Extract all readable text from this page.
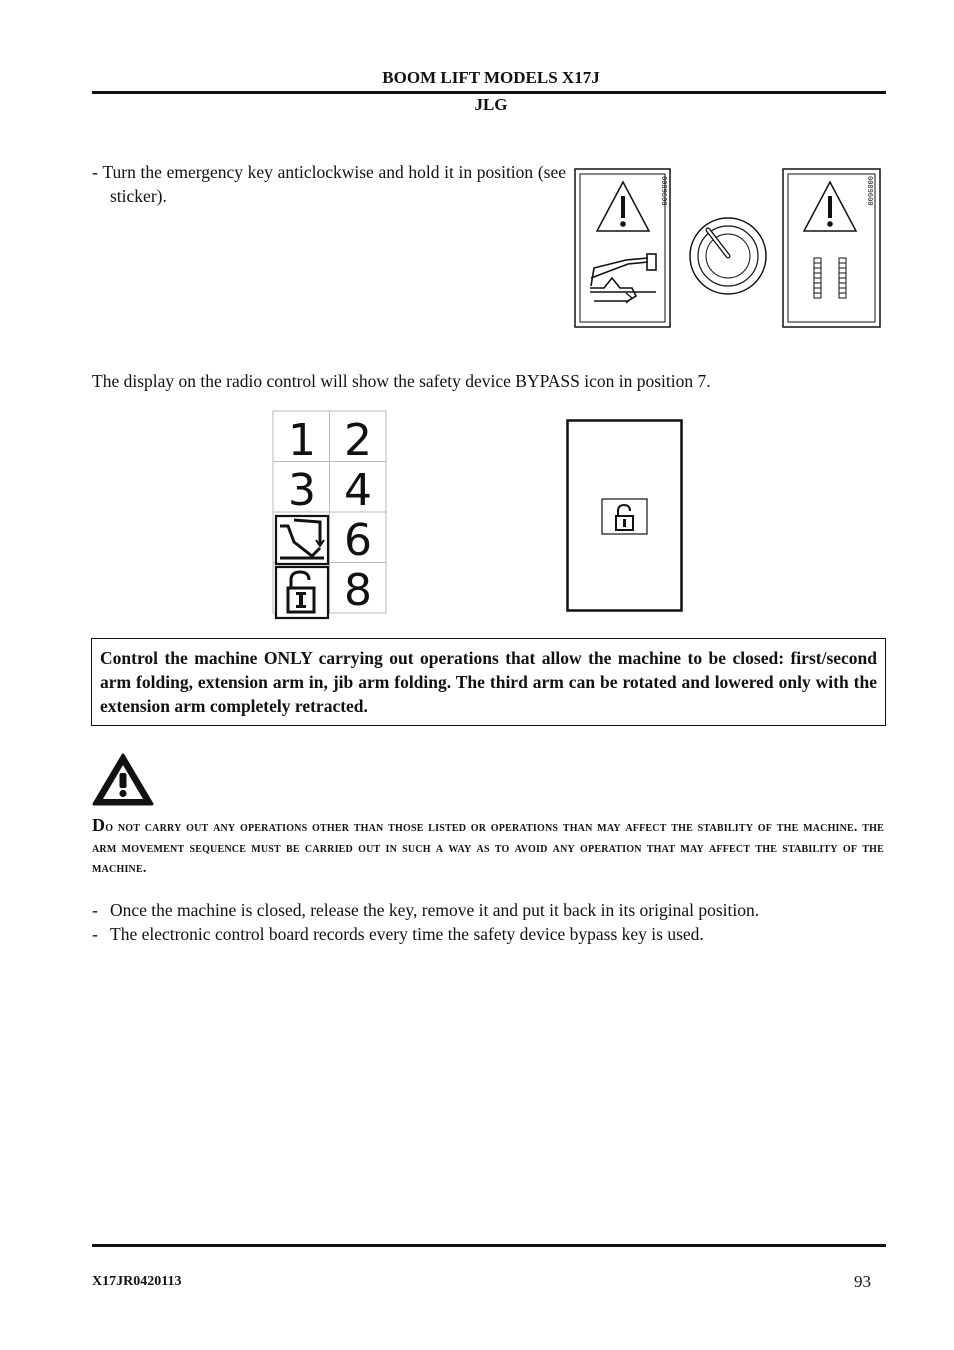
BOOM LIFT MODELS X17J
JLG
- Turn the emergency key anticlockwise and hold it in position (see sticker).	0089600	0089600
The display on the radio control will show the safety device BYPASS icon in position 7.
1 2
3 4
6
8
Control the machine ONLY carrying out operations that allow the machine to be closed: first/second arm folding, extension arm in, jib arm folding. The third arm can be rotated and lowered only with the extension arm completely retracted.
Do not carry out any operations other than those listed or operations than may affect the stability of the machine. the arm movement sequence must be carried out in such a way as to avoid any operation that may affect the stability of the machine.
- Once the machine is closed, release the key, remove it and put it back in its original position.
- The electronic control board records every time the safety device bypass key is used.
X17JR0420113	93
